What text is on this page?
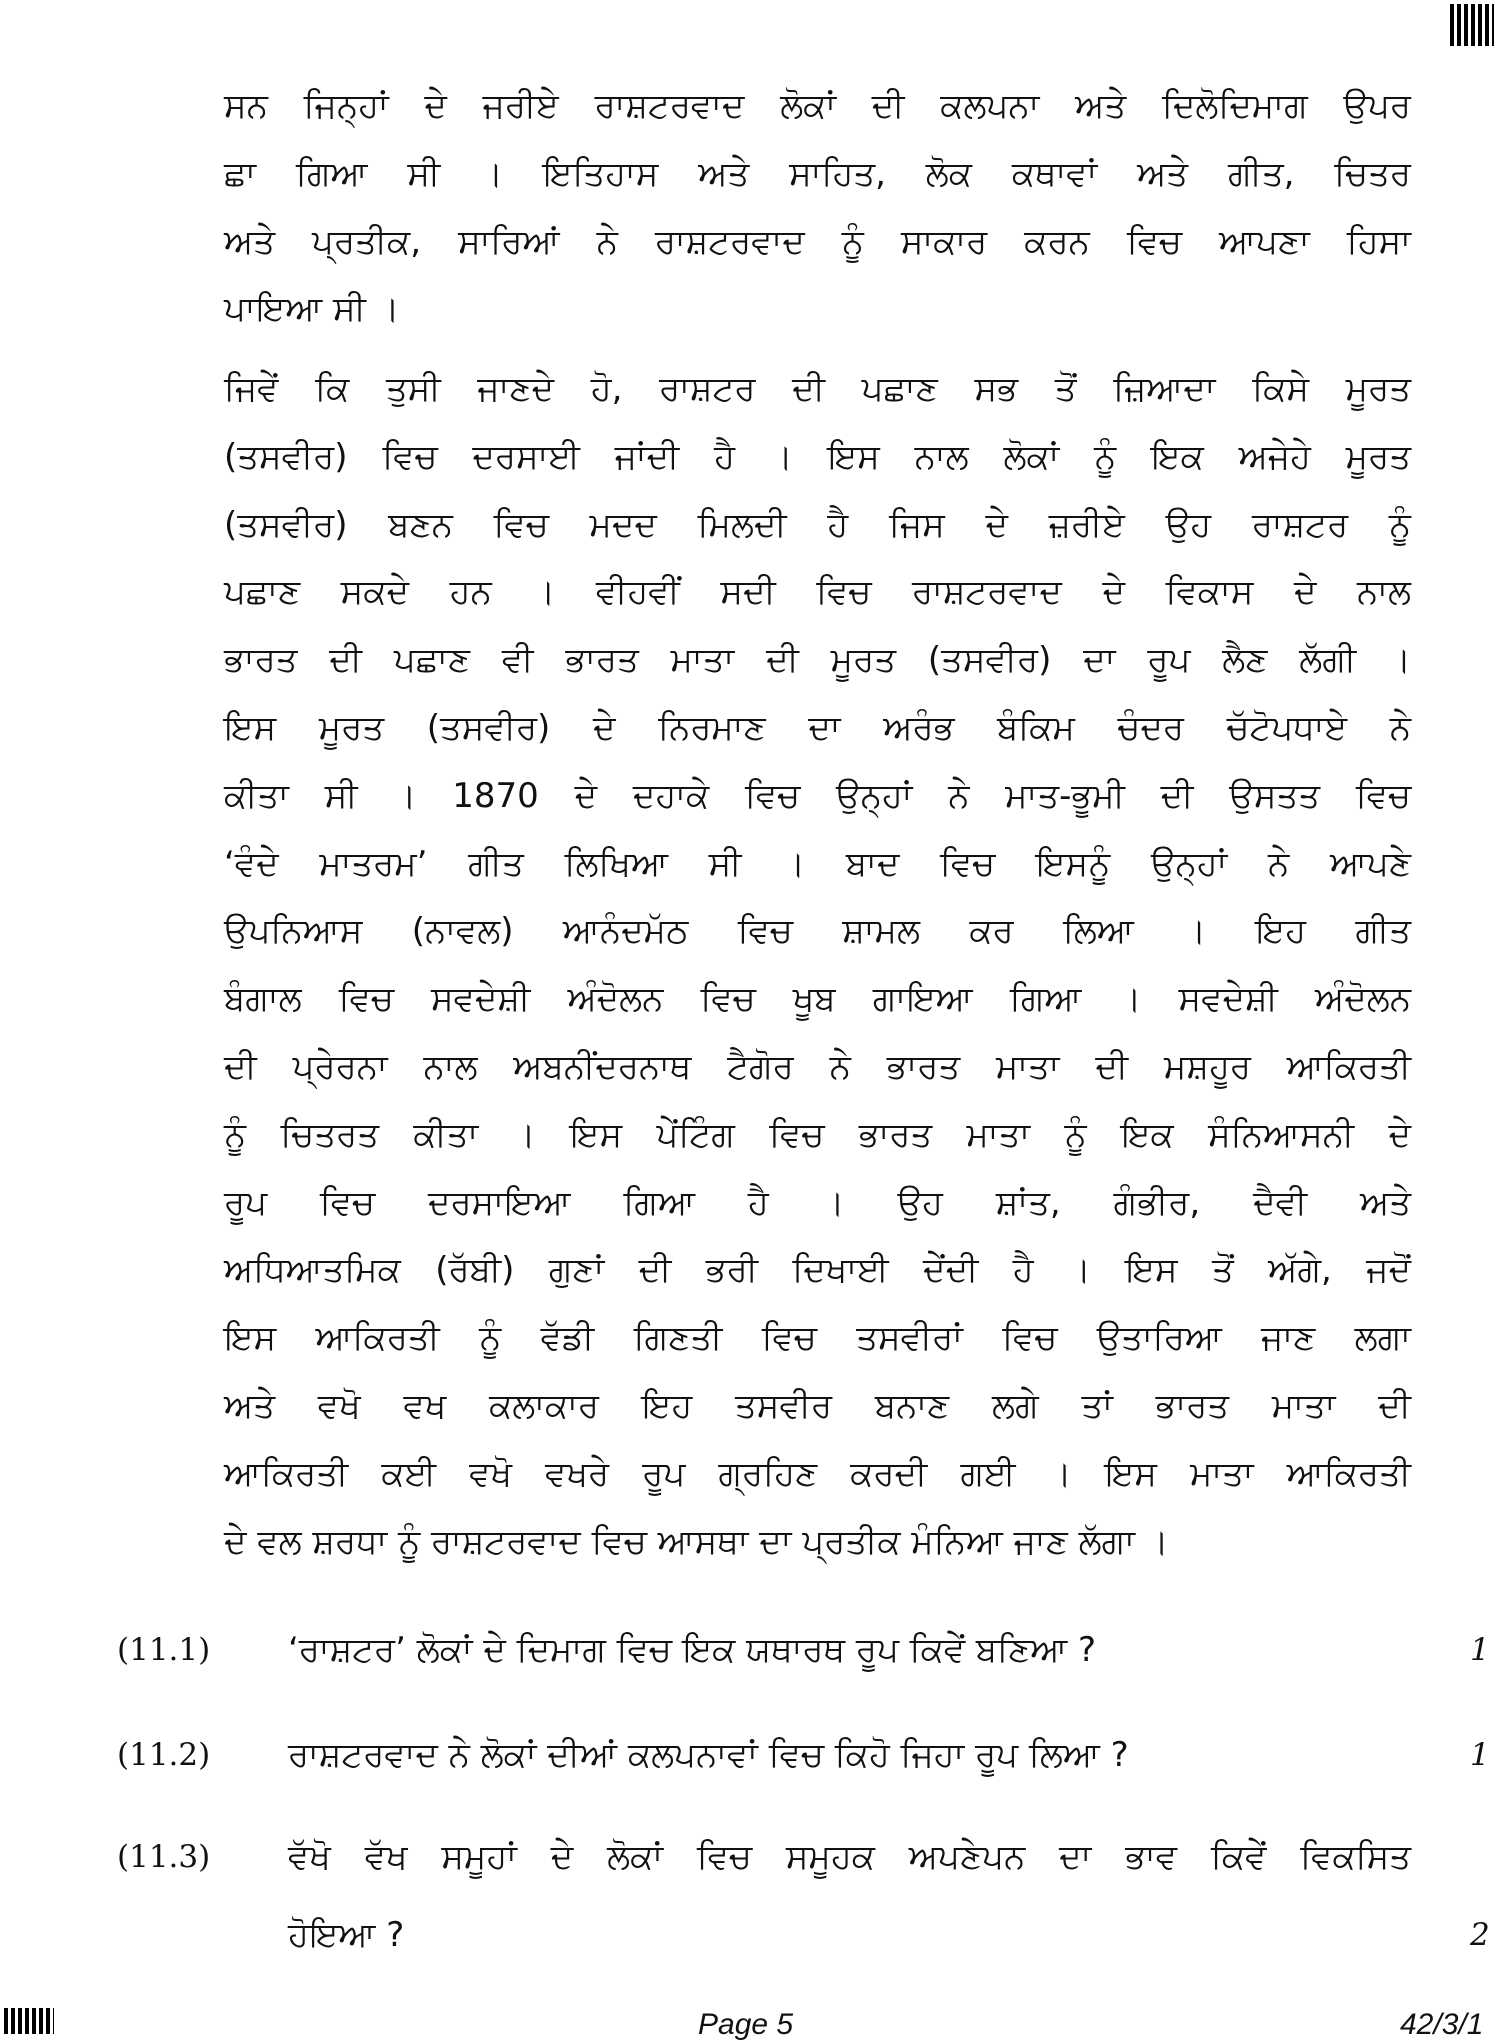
ਸਨ ਜਿਨ੍ਹਾਂ ਦੇ ਜਰੀਏ ਰਾਸ਼ਟਰਵਾਦ ਲੋਕਾਂ ਦੀ ਕਲਪਨਾ ਅਤੇ ਦਿਲੋਦਿਮਾਗ ਉਪਰ
ਛਾ ਗਿਆ ਸੀ । ਇਤਿਹਾਸ ਅਤੇ ਸਾਹਿਤ, ਲੋਕ ਕਥਾਵਾਂ ਅਤੇ ਗੀਤ, ਚਿਤਰ
ਅਤੇ ਪ੍ਰਤੀਕ, ਸਾਰਿਆਂ ਨੇ ਰਾਸ਼ਟਰਵਾਦ ਨੂੰ ਸਾਕਾਰ ਕਰਨ ਵਿਚ ਆਪਣਾ ਹਿਸਾ
ਪਾਇਆ ਸੀ ।
ਜਿਵੇਂ ਕਿ ਤੁਸੀ ਜਾਣਦੇ ਹੋ, ਰਾਸ਼ਟਰ ਦੀ ਪਛਾਣ ਸਭ ਤੋਂ ਜ਼ਿਆਦਾ ਕਿਸੇ ਮੂਰਤ
(ਤਸਵੀਰ) ਵਿਚ ਦਰਸਾਈ ਜਾਂਦੀ ਹੈ । ਇਸ ਨਾਲ ਲੋਕਾਂ ਨੂੰ ਇਕ ਅਜੇਹੇ ਮੂਰਤ
(ਤਸਵੀਰ) ਬਣਨ ਵਿਚ ਮਦਦ ਮਿਲਦੀ ਹੈ ਜਿਸ ਦੇ ਜ਼ਰੀਏ ਉਹ ਰਾਸ਼ਟਰ ਨੂੰ
ਪਛਾਣ ਸਕਦੇ ਹਨ । ਵੀਹਵੀਂ ਸਦੀ ਵਿਚ ਰਾਸ਼ਟਰਵਾਦ ਦੇ ਵਿਕਾਸ ਦੇ ਨਾਲ
ਭਾਰਤ ਦੀ ਪਛਾਣ ਵੀ ਭਾਰਤ ਮਾਤਾ ਦੀ ਮੂਰਤ (ਤਸਵੀਰ) ਦਾ ਰੂਪ ਲੈਣ ਲੱਗੀ ।
ਇਸ ਮੂਰਤ (ਤਸਵੀਰ) ਦੇ ਨਿਰਮਾਣ ਦਾ ਅਰੰਭ ਬੰਕਿਮ ਚੰਦਰ ਚੱਟੋਪਧਾਏ ਨੇ
ਕੀਤਾ ਸੀ । 1870 ਦੇ ਦਹਾਕੇ ਵਿਚ ਉਨ੍ਹਾਂ ਨੇ ਮਾਤ-ਭੂਮੀ ਦੀ ਉਸਤਤ ਵਿਚ
‘ਵੰਦੇ ਮਾਤਰਮ’ ਗੀਤ ਲਿਖਿਆ ਸੀ । ਬਾਦ ਵਿਚ ਇਸਨੂੰ ਉਨ੍ਹਾਂ ਨੇ ਆਪਣੇ
ਉਪਨਿਆਸ (ਨਾਵਲ) ਆਨੰਦਮੱਠ ਵਿਚ ਸ਼ਾਮਲ ਕਰ ਲਿਆ । ਇਹ ਗੀਤ
ਬੰਗਾਲ ਵਿਚ ਸਵਦੇਸ਼ੀ ਅੰਦੋਲਨ ਵਿਚ ਖੂਬ ਗਾਇਆ ਗਿਆ । ਸਵਦੇਸ਼ੀ ਅੰਦੋਲਨ
ਦੀ ਪ੍ਰੇਰਨਾ ਨਾਲ ਅਬਨੀਂਦਰਨਾਥ ਟੈਗੋਰ ਨੇ ਭਾਰਤ ਮਾਤਾ ਦੀ ਮਸ਼ਹੂਰ ਆਕਿਰਤੀ
ਨੂੰ ਚਿਤਰਤ ਕੀਤਾ । ਇਸ ਪੇਂਟਿੰਗ ਵਿਚ ਭਾਰਤ ਮਾਤਾ ਨੂੰ ਇਕ ਸੰਨਿਆਸਨੀ ਦੇ
ਰੂਪ ਵਿਚ ਦਰਸਾਇਆ ਗਿਆ ਹੈ । ਉਹ ਸ਼ਾਂਤ, ਗੰਭੀਰ, ਦੈਵੀ ਅਤੇ
ਅਧਿਆਤਮਿਕ (ਰੱਬੀ) ਗੁਣਾਂ ਦੀ ਭਰੀ ਦਿਖਾਈ ਦੇਂਦੀ ਹੈ । ਇਸ ਤੋਂ ਅੱਗੇ, ਜਦੋਂ
ਇਸ ਆਕਿਰਤੀ ਨੂੰ ਵੱਡੀ ਗਿਣਤੀ ਵਿਚ ਤਸਵੀਰਾਂ ਵਿਚ ਉਤਾਰਿਆ ਜਾਣ ਲਗਾ
ਅਤੇ ਵਖੋ ਵਖ ਕਲਾਕਾਰ ਇਹ ਤਸਵੀਰ ਬਨਾਣ ਲਗੇ ਤਾਂ ਭਾਰਤ ਮਾਤਾ ਦੀ
ਆਕਿਰਤੀ ਕਈ ਵਖੋ ਵਖਰੇ ਰੂਪ ਗ੍ਰਹਿਣ ਕਰਦੀ ਗਈ । ਇਸ ਮਾਤਾ ਆਕਿਰਤੀ
ਦੇ ਵਲ ਸ਼ਰਧਾ ਨੂੰ ਰਾਸ਼ਟਰਵਾਦ ਵਿਚ ਆਸਥਾ ਦਾ ਪ੍ਰਤੀਕ ਮੰਨਿਆ ਜਾਣ ਲੱਗਾ ।
(11.1) ‘ਰਾਸ਼ਟਰ’ ਲੋਕਾਂ ਦੇ ਦਿਮਾਗ ਵਿਚ ਇਕ ਯਥਾਰਥ ਰੂਪ ਕਿਵੇਂ ਬਣਿਆ ?	1
(11.2) ਰਾਸ਼ਟਰਵਾਦ ਨੇ ਲੋਕਾਂ ਦੀਆਂ ਕਲਪਨਾਵਾਂ ਵਿਚ ਕਿਹੋ ਜਿਹਾ ਰੂਪ ਲਿਆ ?	1
(11.3) ਵੱਖੋ ਵੱਖ ਸਮੂਹਾਂ ਦੇ ਲੋਕਾਂ ਵਿਚ ਸਮੂਹਕ ਅਪਣੇਪਨ ਦਾ ਭਾਵ ਕਿਵੇਂ ਵਿਕਸਿਤ
ਹੋਇਆ ?	2
Page 5	42/3/1
